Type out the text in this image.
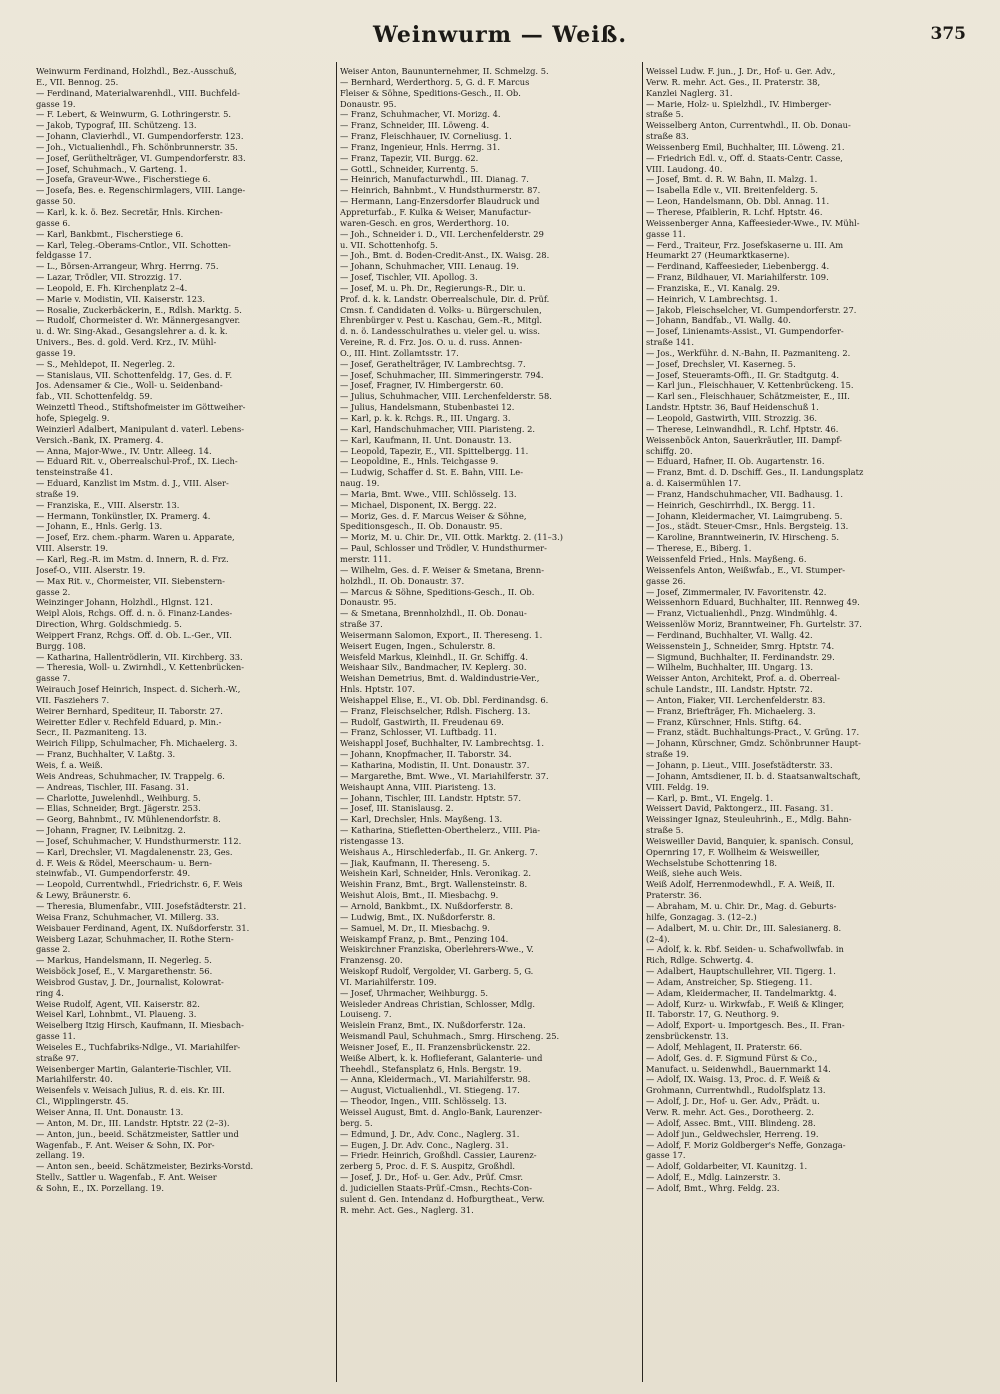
Weinwurm — Weiß.	375
Weinwurm Ferdinand, Holzhdl., Bez.-Ausschuß,
E., VII. Bennog. 25.
— Ferdinand, Materialwarenhdl., VIII. Buchfeld-
gasse 19.
— F. Lebert, & Weinwurm, G. Lothringerstr. 5.
— Jakob, Typograf, III. Schützeng. 13.
— Johann, Clavierhdl., VI. Gumpendorferstr. 123.
— Joh., Victualienhdl., Fh. Schönbrunnerstr. 35.
— Josef, Gerüthelträger, VI. Gumpendorferstr. 83.
— Josef, Schuhmach., V. Garteng. 1.
— Josefa, Graveur-Wwe., Fischerstiege 6.
— Josefa, Bes. e. Regenschirmlagers, VIII. Lange-
gasse 50.
— Karl, k. k. ö. Bez. Secretär, Hnls. Kirchen-
gasse 6.
— Karl, Bankbmt., Fischerstiege 6.
— Karl, Teleg.-Oberams-Cntlor., VII. Schotten-
feldgasse 17.
— L., Börsen-Arrangeur, Whrg. Herrng. 75.
— Lazar, Trödler, VII. Strozzig. 17.
— Leopold, E. Fh. Kirchenplatz 2–4.
— Marie v. Modistin, VII. Kaiserstr. 123.
— Rosalie, Zuckerbäckerin, E., Rdlsh. Marktg. 5.
— Rudolf, Chormeister d. Wr. Männergesangver.
u. d. Wr. Sing-Akad., Gesangslehrer a. d. k. k.
Univers., Bes. d. gold. Verd. Krz., IV. Mühl-
gasse 19.
— S., Mehldepot, II. Negerleg. 2.
— Stanislaus, VII. Schottenfeldg. 17, Ges. d. F.
Jos. Adensamer & Cie., Woll- u. Seidenband-
fab., VII. Schottenfeldg. 59.
Weinzettl Theod., Stiftshofmeister im Göttweiher-
hofe, Spiegelg. 9.
Weinzierl Adalbert, Manipulant d. vaterl. Lebens-
Versich.-Bank, IX. Pramerg. 4.
— Anna, Major-Wwe., IV. Untr. Alleeg. 14.
— Eduard Rit. v., Oberrealschul-Prof., IX. Liech-
tensteinstraße 41.
— Eduard, Kanzlist im Mstm. d. J., VIII. Alser-
straße 19.
— Franziska, E., VIII. Alserstr. 13.
— Hermann, Tonkünstler, IX. Pramerg. 4.
— Johann, E., Hnls. Gerlg. 13.
— Josef, Erz. chem.-pharm. Waren u. Apparate,
VIII. Alserstr. 19.
— Karl, Reg.-R. im Mstm. d. Innern, R. d. Frz.
Josef-O., VIII. Alserstr. 19.
— Max Rit. v., Chormeister, VII. Siebenstern-
gasse 2.
Weinzinger Johann, Holzhdl., Hlgnst. 121.
Weipl Alois, Rchgs. Off. d. n. ö. Finanz-Landes-
Direction, Whrg. Goldschmiedg. 5.
Weippert Franz, Rchgs. Off. d. Ob. L.-Ger., VII.
Burgg. 108.
— Katharina, Hallentrödlerin, VII. Kirchberg. 33.
— Theresia, Woll- u. Zwirnhdl., V. Kettenbrücken-
gasse 7.
Weirauch Josef Heinrich, Inspect. d. Sicherh.-W.,
VII. Fasziehers 7.
Weirer Bernhard, Spediteur, II. Taborstr. 27.
Weiretter Edler v. Rechfeld Eduard, p. Min.-
Secr., II. Pazmaniteng. 13.
Weirich Filipp, Schulmacher, Fh. Michaelerg. 3.
— Franz, Buchhalter, V. Laßtg. 3.
Weis, f. a. Weiß.
Weis Andreas, Schuhmacher, IV. Trappelg. 6.
— Andreas, Tischler, III. Fasang. 31.
— Charlotte, Juwelenhdl., Weihburg. 5.
— Elias, Schneider, Brgt. Jägerstr. 253.
— Georg, Bahnbmt., IV. Mühlenendorfstr. 8.
— Johann, Fragner, IV. Leibnitzg. 2.
— Josef, Schuhmacher, V. Hundsthurmerstr. 112.
— Karl, Drechsler, VI. Magdalenenstr. 23, Ges.
d. F. Weis & Rödel, Meerschaum- u. Bern-
steinwfab., VI. Gumpendorferstr. 49.
— Leopold, Currentwhdl., Friedrichstr. 6, F. Weis
& Lewy, Bräunerstr. 6.
— Theresia, Blumenfabr., VIII. Josefstädterstr. 21.
Weisa Franz, Schuhmacher, VI. Millerg. 33.
Weisbauer Ferdinand, Agent, IX. Nußdorferstr. 31.
Weisberg Lazar, Schuhmacher, II. Rothe Stern-
gasse 2.
— Markus, Handelsmann, II. Negerleg. 5.
Weisböck Josef, E., V. Margarethenstr. 56.
Weisbrod Gustav, J. Dr., Journalist, Kolowrat-
ring 4.
Weise Rudolf, Agent, VII. Kaiserstr. 82.
Weisel Karl, Lohnbmt., VI. Plaueng. 3.
Weiselberg Itzig Hirsch, Kaufmann, II. Miesbach-
gasse 11.
Weiseles E., Tuchfabriks-Ndlge., VI. Mariahilfer-
straße 97.
Weisenberger Martin, Galanterie-Tischler, VII.
Mariahilferstr. 40.
Weisenfels v. Weisach Julius, R. d. eis. Kr. III.
Cl., Wipplingerstr. 45.
Weiser Anna, II. Unt. Donaustr. 13.
— Anton, M. Dr., III. Landstr. Hptstr. 22 (2–3).
— Anton, jun., beeid. Schätzmeister, Sattler und
Wagenfab., F. Ant. Weiser & Sohn, IX. Por-
zellang. 19.
— Anton sen., beeid. Schätzmeister, Bezirks-Vorstd.
Stellv., Sattler u. Wagenfab., F. Ant. Weiser
& Sohn, E., IX. Porzellang. 19.
Weiser Anton, Baununternehmer, II. Schmelzg. 5.
— Bernhard, Werderthorg. 5, G. d. F. Marcus
Fleiser & Söhne, Speditions-Gesch., II. Ob.
Donaustr. 95.
— Franz, Schuhmacher, VI. Morizg. 4.
— Franz, Schneider, III. Löweng. 4.
— Franz, Fleischhauer, IV. Corneliusg. 1.
— Franz, Ingenieur, Hnls. Herrng. 31.
— Franz, Tapezir, VII. Burgg. 62.
— Gottl., Schneider, Kurrentg. 5.
— Heinrich, Manufacturwhdl., III. Dianag. 7.
— Heinrich, Bahnbmt., V. Hundsthurmerstr. 87.
— Hermann, Lang-Enzersdorfer Blaudruck und
Appreturfab., F. Kulka & Weiser, Manufactur-
waren-Gesch. en gros, Werderthorg. 10.
— Joh., Schneider i. D., VII. Lerchenfelderstr. 29
u. VII. Schottenhofg. 5.
— Joh., Bmt. d. Boden-Credit-Anst., IX. Waisg. 28.
— Johann, Schuhmacher, VIII. Lenaug. 19.
— Josef, Tischler, VII. Apollog. 3.
— Josef, M. u. Ph. Dr., Regierungs-R., Dir. u.
Prof. d. k. k. Landstr. Oberrealschule, Dir. d. Prüf.
Cmsn. f. Candidaten d. Volks- u. Bürgerschulen,
Ehrenbürger v. Pest u. Kaschau, Gem.-R., Mitgl.
d. n. ö. Landesschulrathes u. vieler gel. u. wiss.
Vereine, R. d. Frz. Jos. O. u. d. russ. Annen-
O., III. Hint. Zollamtsstr. 17.
— Josef, Gerathelträger, IV. Lambrechtsg. 7.
— Josef, Schuhmacher, III. Simmeringerstr. 794.
— Josef, Fragner, IV. Himbergerstr. 60.
— Julius, Schuhmacher, VIII. Lerchenfelderstr. 58.
— Julius, Handelsmann, Stubenbastei 12.
— Karl, p. k. k. Rchgs. R., III. Ungarg. 3.
— Karl, Handschuhmacher, VIII. Piaristeng. 2.
— Karl, Kaufmann, II. Unt. Donaustr. 13.
— Leopold, Tapezir, E., VII. Spittelbergg. 11.
— Leopoldine, E., Hnls. Teichgasse 9.
— Ludwig, Schaffer d. St. E. Bahn, VIII. Le-
naug. 19.
— Maria, Bmt. Wwe., VIII. Schlösselg. 13.
— Michael, Disponent, IX. Bergg. 22.
— Moriz, Ges. d. F. Marcus Weiser & Söhne,
Speditionsgesch., II. Ob. Donaustr. 95.
— Moriz, M. u. Chir. Dr., VII. Ottk. Marktg. 2. (11–3.)
— Paul, Schlosser und Trödler, V. Hundsthurmer-
merstr. 111.
— Wilhelm, Ges. d. F. Weiser & Smetana, Brenn-
holzhdl., II. Ob. Donaustr. 37.
— Marcus & Söhne, Speditions-Gesch., II. Ob.
Donaustr. 95.
— & Smetana, Brennholzhdl., II. Ob. Donau-
straße 37.
Weisermann Salomon, Export., II. Thereseng. 1.
Weisert Eugen, Ingen., Schulerstr. 8.
Weisfeld Markus, Kleinhdl., II. Gr. Schiffg. 4.
Weishaar Silv., Bandmacher, IV. Keplerg. 30.
Weishan Demetrius, Bmt. d. Waldindustrie-Ver.,
Hnls. Hptstr. 107.
Weishappel Elise, E., VI. Ob. Dbl. Ferdinandsg. 6.
— Franz, Fleischselcher, Rdlsh. Fischerg. 13.
— Rudolf, Gastwirth, II. Freudenau 69.
— Franz, Schlosser, VI. Luftbadg. 11.
Weishappl Josef, Buchhalter, IV. Lambrechtsg. 1.
— Johann, Knopfmacher, II. Taborstr. 34.
— Katharina, Modistin, II. Unt. Donaustr. 37.
— Margarethe, Bmt. Wwe., VI. Mariahilferstr. 37.
Weishaupt Anna, VIII. Piaristeng. 13.
— Johann, Tischler, III. Landstr. Hptstr. 57.
— Josef, III. Stanislausg. 2.
— Karl, Drechsler, Hnls. Mayßeng. 13.
— Katharina, Stiefletten-Oberthelerz., VIII. Pia-
ristengasse 13.
Weishaus A., Hirschlederfab., II. Gr. Ankerg. 7.
— Jiak, Kaufmann, II. Thereseng. 5.
Weishein Karl, Schneider, Hnls. Veronikag. 2.
Weishin Franz, Bmt., Brgt. Wallensteinstr. 8.
Weishut Alois, Bmt., II. Miesbachg. 9.
— Arnold, Bankbmt., IX. Nußdorferstr. 8.
— Ludwig, Bmt., IX. Nußdorferstr. 8.
— Samuel, M. Dr., II. Miesbachg. 9.
Weiskampf Franz, p. Bmt., Penzing 104.
Weiskirchner Franziska, Oberlehrers-Wwe., V.
Franzensg. 20.
Weiskopf Rudolf, Vergolder, VI. Garberg. 5, G.
VI. Mariahilferstr. 109.
— Josef, Uhrmacher, Weihburgg. 5.
Weisleder Andreas Christian, Schlosser, Mdlg.
Louiseng. 7.
Weislein Franz, Bmt., IX. Nußdorferstr. 12a.
Weismandl Paul, Schuhmach., Smrg. Hirscheng. 25.
Weisner Josef, E., II. Franzensbrückenstr. 22.
Weiße Albert, k. k. Hoflieferant, Galanterie- und
Theehdl., Stefansplatz 6, Hnls. Bergstr. 19.
— Anna, Kleidermach., VI. Mariahilferstr. 98.
— August, Victualienhdl., VI. Stiegeng. 17.
— Theodor, Ingen., VIII. Schlösselg. 13.
Weissel August, Bmt. d. Anglo-Bank, Laurenzer-
berg. 5.
— Edmund, J. Dr., Adv. Conc., Naglerg. 31.
— Eugen, J. Dr. Adv. Conc., Naglerg. 31.
— Friedr. Heinrich, Großhdl. Cassier, Laurenz-
zerberg 5, Proc. d. F. S. Auspitz, Großhdl.
— Josef, J. Dr., Hof- u. Ger. Adv., Prüf. Cmsr.
d. judiciellen Staats-Prüf.-Cmsn., Rechts-Con-
sulent d. Gen. Intendanz d. Hofburgtheat., Verw.
R. mehr. Act. Ges., Naglerg. 31.
Weissel Ludw. F. jun., J. Dr., Hof- u. Ger. Adv.,
Verw. R. mehr. Act. Ges., II. Praterstr. 38,
Kanzlei Naglerg. 31.
— Marie, Holz- u. Spielzhdl., IV. Himberger-
straße 5.
Weisselberg Anton, Currentwhdl., II. Ob. Donau-
straße 83.
Weissenberg Emil, Buchhalter, III. Löweng. 21.
— Friedrich Edl. v., Off. d. Staats-Centr. Casse,
VIII. Laudong. 40.
— Josef, Bmt. d. R. W. Bahn, II. Malzg. 1.
— Isabella Edle v., VII. Breitenfelderg. 5.
— Leon, Handelsmann, Ob. Dbl. Annag. 11.
— Therese, Pfaiblerin, R. Lchf. Hptstr. 46.
Weissenberger Anna, Kaffeesieder-Wwe., IV. Mühl-
gasse 11.
— Ferd., Traiteur, Frz. Josefskaserne u. III. Am
Heumarkt 27 (Heumarktkaserne).
— Ferdinand, Kaffeesieder, Liebenbergg. 4.
— Franz, Bildhauer, VI. Mariahilferstr. 109.
— Franziska, E., VI. Kanalg. 29.
— Heinrich, V. Lambrechtsg. 1.
— Jakob, Fleischselcher, VI. Gumpendorferstr. 27.
— Johann, Bandfab., VI. Wallg. 40.
— Josef, Linienamts-Assist., VI. Gumpendorfer-
straße 141.
— Jos., Werkführ. d. N.-Bahn, II. Pazmaniteng. 2.
— Josef, Drechsler, VI. Kaserneg. 5.
— Josef, Steueramts-Offi., II. Gr. Stadtgutg. 4.
— Karl jun., Fleischhauer, V. Kettenbrückeng. 15.
— Karl sen., Fleischhauer, Schätzmeister, E., III.
Landstr. Hptstr. 36, Bauf Heidenschuß 1.
— Leopold, Gastwirth, VIII. Strozzig. 36.
— Therese, Leinwandhdl., R. Lchf. Hptstr. 46.
Weissenböck Anton, Sauerkräutler, III. Dampf-
schiffg. 20.
— Eduard, Hafner, II. Ob. Augartenstr. 16.
— Franz, Bmt. d. D. Dschiff. Ges., II. Landungsplatz
a. d. Kaisermühlen 17.
— Franz, Handschuhmacher, VII. Badhausg. 1.
— Heinrich, Geschirrhdl., IX. Bergg. 11.
— Johann, Kleidermacher, VI. Laimgrubeng. 5.
— Jos., städt. Steuer-Cmsr., Hnls. Bergsteig. 13.
— Karoline, Branntweinerin, IV. Hirscheng. 5.
— Therese, E., Biberg. 1.
Weissenfeld Fried., Hnls. Mayßeng. 6.
Weissenfels Anton, Weißwfab., E., VI. Stumper-
gasse 26.
— Josef, Zimmermaler, IV. Favoritenstr. 42.
Weissenhorn Eduard, Buchhalter, III. Rennweg 49.
— Franz, Victualienhdl., Pnzg. Windmühlg. 4.
Weissenlöw Moriz, Branntweiner, Fh. Gurtelstr. 37.
— Ferdinand, Buchhalter, VI. Wallg. 42.
Weissenstein J., Schneider, Smrg. Hptstr. 74.
— Sigmund, Buchhalter, II. Ferdinandstr. 29.
— Wilhelm, Buchhalter, III. Ungarg. 13.
Weisser Anton, Architekt, Prof. a. d. Oberreal-
schule Landstr., III. Landstr. Hptstr. 72.
— Anton, Fiaker, VII. Lerchenfelderstr. 83.
— Franz, Briefträger, Fh. Michaelerg. 3.
— Franz, Kürschner, Hnls. Stiftg. 64.
— Franz, städt. Buchhaltungs-Pract., V. Grüng. 17.
— Johann, Kürschner, Gmdz. Schönbrunner Haupt-
straße 19.
— Johann, p. Lieut., VIII. Josefstädterstr. 33.
— Johann, Amtsdiener, II. b. d. Staatsanwaltschaft,
VIII. Feldg. 19.
— Karl, p. Bmt., VI. Engelg. 1.
Weissert David, Paktongerz., III. Fasang. 31.
Weissinger Ignaz, Steuleuhrinh., E., Mdlg. Bahn-
straße 5.
Weisweiller David, Banquier, k. spanisch. Consul,
Opernring 17, F. Wollheim & Weisweiller,
Wechselstube Schottenring 18.
Weiß, siehe auch Weis.
Weiß Adolf, Herrenmodewhdl., F. A. Weiß, II.
Praterstr. 36.
— Abraham, M. u. Chir. Dr., Mag. d. Geburts-
hilfe, Gonzagag. 3. (12–2.)
— Adalbert, M. u. Chir. Dr., III. Salesianerg. 8.
(2–4).
— Adolf, k. k. Rbf. Seiden- u. Schafwollwfab. in
Rich, Rdlge. Schwertg. 4.
— Adalbert, Hauptschullehrer, VII. Tigerg. 1.
— Adam, Anstreicher, Sp. Stiegeng. 11.
— Adam, Kleidermacher, II. Tandelmarktg. 4.
— Adolf, Kurz- u. Wirkwfab., F. Weiß & Klinger,
II. Taborstr. 17, G. Neuthorg. 9.
— Adolf, Export- u. Importgesch. Bes., II. Fran-
zensbrückenstr. 13.
— Adolf, Mehlagent, II. Praterstr. 66.
— Adolf, Ges. d. F. Sigmund Fürst & Co.,
Manufact. u. Seidenwhdl., Bauernmarkt 14.
— Adolf, IX. Waisg. 13, Proc. d. F. Weiß &
Grohmann, Currentwhdl., Rudolfsplatz 13.
— Adolf, J. Dr., Hof- u. Ger. Adv., Prädt. u.
Verw. R. mehr. Act. Ges., Dorotheerg. 2.
— Adolf, Assec. Bmt., VIII. Blindeng. 28.
— Adolf jun., Geldwechsler, Herreng. 19.
— Adolf, F. Moriz Goldberger's Neffe, Gonzaga-
gasse 17.
— Adolf, Goldarbeiter, VI. Kaunitzg. 1.
— Adolf, E., Mdlg. Lainzerstr. 3.
— Adolf, Bmt., Whrg. Feldg. 23.
